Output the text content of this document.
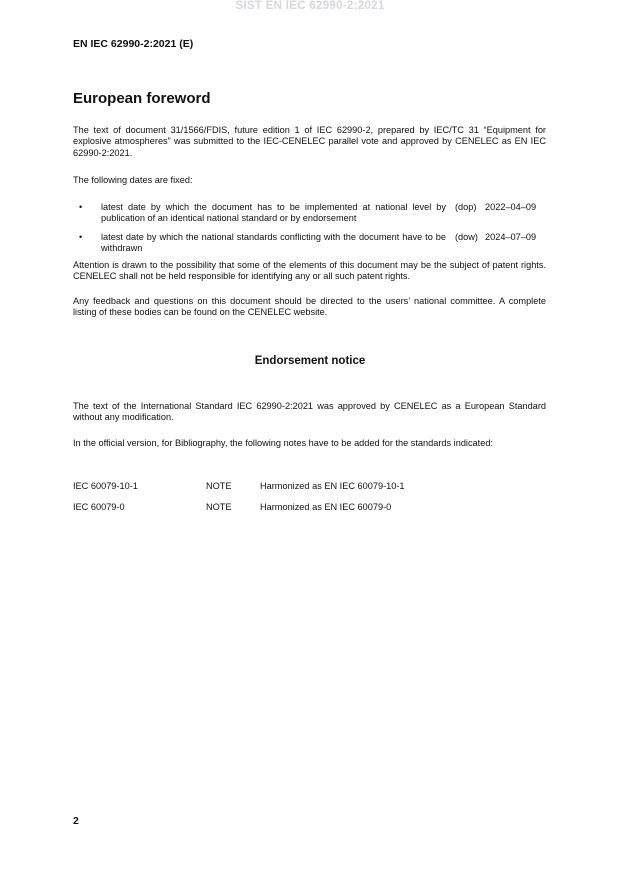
SIST EN IEC 62990-2:2021
EN IEC 62990-2:2021 (E)
European foreword

The text of document 31/1566/FDIS, future edition 1 of IEC 62990-2, prepared by IEC/TC 31 “Equipment for explosive atmospheres” was submitted to the IEC-CENELEC parallel vote and approved by CENELEC as EN IEC 62990-2:2021.

The following dates are fixed:

• latest date by which the document has to be implemented at national level by publication of an identical national standard or by endorsement
(dop) 2022–04–09
• latest date by which the national standards conflicting with the document have to be withdrawn
(dow) 2024–07–09

Attention is drawn to the possibility that some of the elements of this document may be the subject of patent rights. CENELEC shall not be held responsible for identifying any or all such patent rights.

Any feedback and questions on this document should be directed to the users’ national committee. A complete listing of these bodies can be found on the CENELEC website.

Endorsement notice

The text of the International Standard IEC 62990-2:2021 was approved by CENELEC as a European Standard without any modification.

In the official version, for Bibliography, the following notes have to be added for the standards indicated:

IEC 60079-10-1	NOTE	Harmonized as EN IEC 60079-10-1
IEC 60079-0	NOTE	Harmonized as EN IEC 60079-0
2
